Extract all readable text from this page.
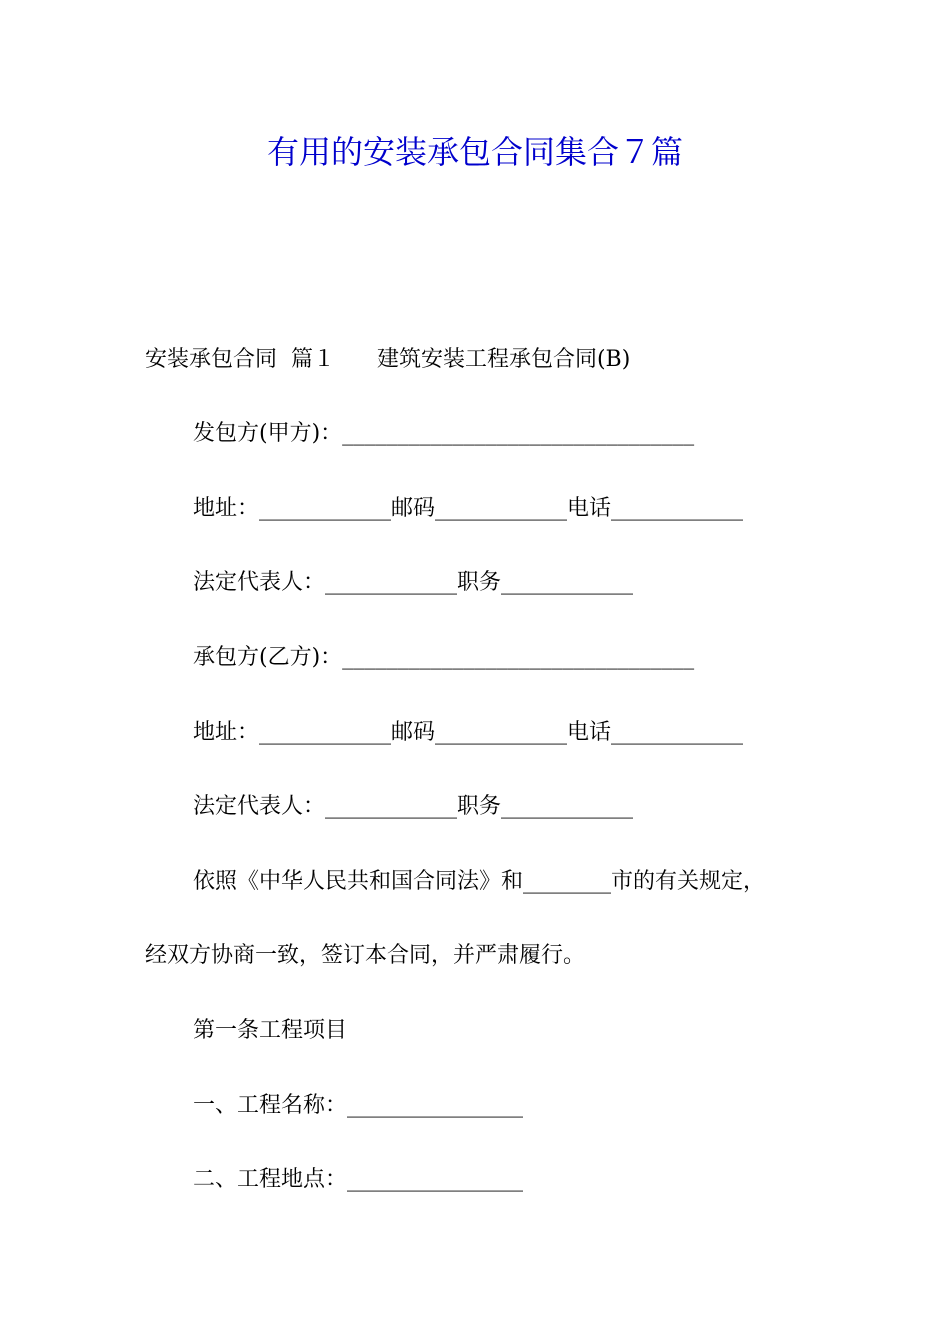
有用的安装承包合同集合７篇
安装承包合同  篇１      建筑安装工程承包合同(B)
发包方(甲方)：________________________________
地址：____________邮码____________电话____________
法定代表人：____________职务____________
承包方(乙方)：________________________________
地址：____________邮码____________电话____________
法定代表人：____________职务____________
依照《中华人民共和国合同法》和________市的有关规定，
经双方协商一致，签订本合同，并严肃履行。
第一条工程项目
一、工程名称：________________
二、工程地点：________________
